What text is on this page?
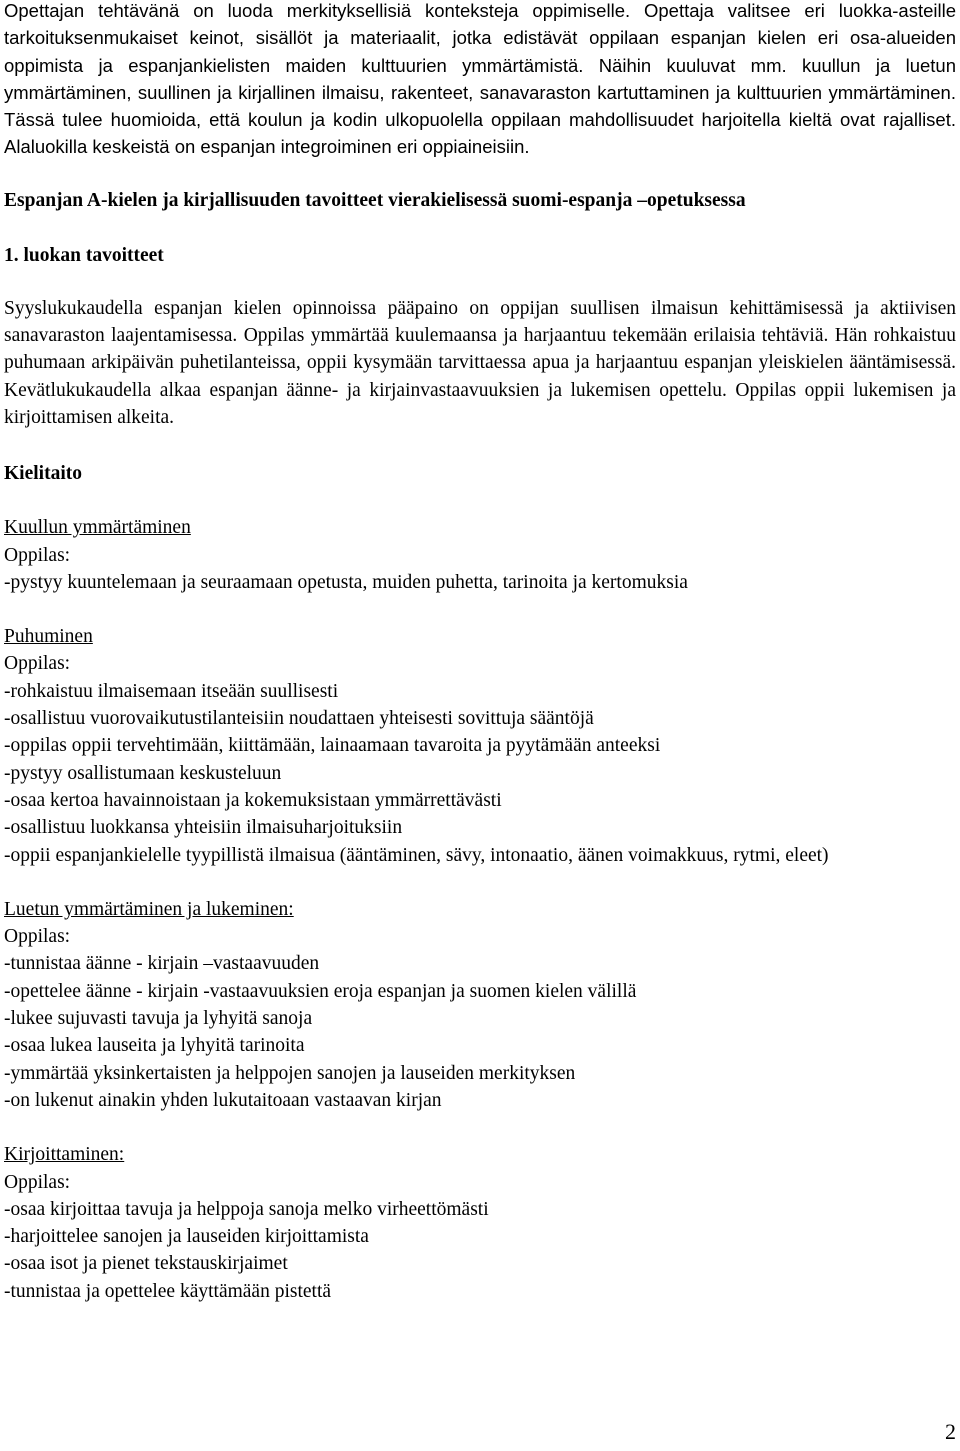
Opettajan tehtävänä on luoda merkityksellisiä konteksteja oppimiselle. Opettaja valitsee eri luokka-asteille tarkoituksenmukaiset keinot, sisällöt ja materiaalit, jotka edistävät oppilaan espanjan kielen eri osa-alueiden oppimista ja espanjankielisten maiden kulttuurien ymmärtämistä. Näihin kuuluvat mm. kuullun ja luetun ymmärtäminen, suullinen ja kirjallinen ilmaisu, rakenteet, sanavaraston kartuttaminen ja kulttuurien ymmärtäminen. Tässä tulee huomioida, että koulun ja kodin ulkopuolella oppilaan mahdollisuudet harjoitella kieltä ovat rajalliset. Alaluokilla keskeistä on espanjan integroiminen eri oppiaineisiin.

Espanjan A-kielen ja kirjallisuuden tavoitteet vierakielisessä suomi-espanja –opetuksessa

1. luokan tavoitteet

Syyslukukaudella espanjan kielen opinnoissa pääpaino on oppijan suullisen ilmaisun kehittämisessä ja aktiivisen sanavaraston laajentamisessa. Oppilas ymmärtää kuulemaansa ja harjaantuu tekemään erilaisia tehtäviä. Hän rohkaistuu puhumaan arkipäivän puhetilanteissa, oppii kysymään tarvittaessa apua ja harjaantuu espanjan yleiskielen ääntämisessä. Kevätlukukaudella alkaa espanjan äänne- ja kirjainvastaavuuksien ja lukemisen opettelu. Oppilas oppii lukemisen ja kirjoittamisen alkeita.

Kielitaito

Kuullun ymmärtäminen

Oppilas:

-pystyy kuuntelemaan ja seuraamaan opetusta, muiden puhetta, tarinoita ja kertomuksia

Puhuminen

Oppilas:

-rohkaistuu ilmaisemaan itseään suullisesti

-osallistuu vuorovaikutustilanteisiin noudattaen yhteisesti sovittuja sääntöjä

-oppilas oppii tervehtimään, kiittämään, lainaamaan tavaroita ja pyytämään anteeksi

-pystyy osallistumaan keskusteluun

-osaa kertoa havainnoistaan ja kokemuksistaan ymmärrettävästi

-osallistuu luokkansa yhteisiin ilmaisuharjoituksiin

-oppii espanjankielelle tyypillistä ilmaisua (ääntäminen, sävy, intonaatio, äänen voimakkuus, rytmi, eleet)

Luetun ymmärtäminen ja lukeminen:

Oppilas:

-tunnistaa äänne - kirjain –vastaavuuden

-opettelee äänne - kirjain -vastaavuuksien eroja espanjan ja suomen kielen välillä

-lukee sujuvasti tavuja ja lyhyitä sanoja

-osaa lukea lauseita ja lyhyitä tarinoita

-ymmärtää yksinkertaisten ja helppojen sanojen ja lauseiden merkityksen

-on lukenut ainakin yhden lukutaitoaan vastaavan kirjan

Kirjoittaminen:

Oppilas:

-osaa kirjoittaa tavuja ja helppoja sanoja melko virheettömästi

-harjoittelee sanojen ja lauseiden kirjoittamista

-osaa isot ja pienet tekstauskirjaimet

-tunnistaa ja opettelee käyttämään pistettä

2
